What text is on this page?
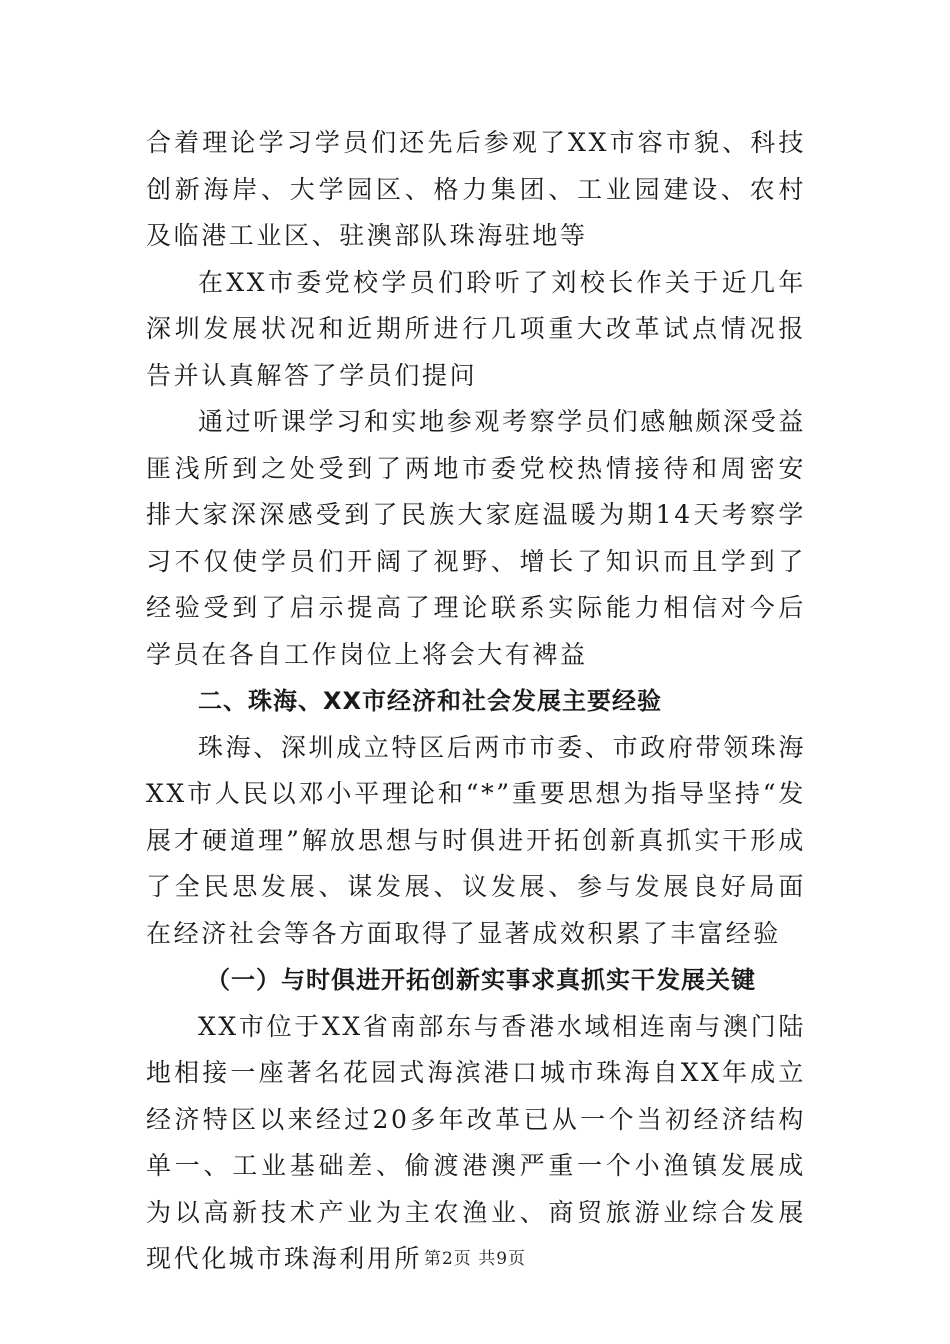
合着理论学习学员们还先后参观了XX市容市貌、科技创新海岸、大学园区、格力集团、工业园建设、农村及临港工业区、驻澳部队珠海驻地等

在XX市委党校学员们聆听了刘校长作关于近几年深圳发展状况和近期所进行几项重大改革试点情况报告并认真解答了学员们提问

通过听课学习和实地参观考察学员们感触颇深受益匪浅所到之处受到了两地市委党校热情接待和周密安排大家深深感受到了民族大家庭温暖为期14天考察学习不仅使学员们开阔了视野、增长了知识而且学到了经验受到了启示提高了理论联系实际能力相信对今后学员在各自工作岗位上将会大有裨益

二、珠海、XX市经济和社会发展主要经验

珠海、深圳成立特区后两市市委、市政府带领珠海XX市人民以邓小平理论和“*”重要思想为指导坚持“发展才硬道理”解放思想与时俱进开拓创新真抓实干形成了全民思发展、谋发展、议发展、参与发展良好局面在经济社会等各方面取得了显著成效积累了丰富经验

（一）与时俱进开拓创新实事求真抓实干发展关键

XX市位于XX省南部东与香港水域相连南与澳门陆地相接一座著名花园式海滨港口城市珠海自XX年成立经济特区以来经过20多年改革已从一个当初经济结构单一、工业基础差、偷渡港澳严重一个小渔镇发展成为以高新技术产业为主农渔业、商贸旅游业综合发展现代化城市珠海利用所 第2页 共9页
